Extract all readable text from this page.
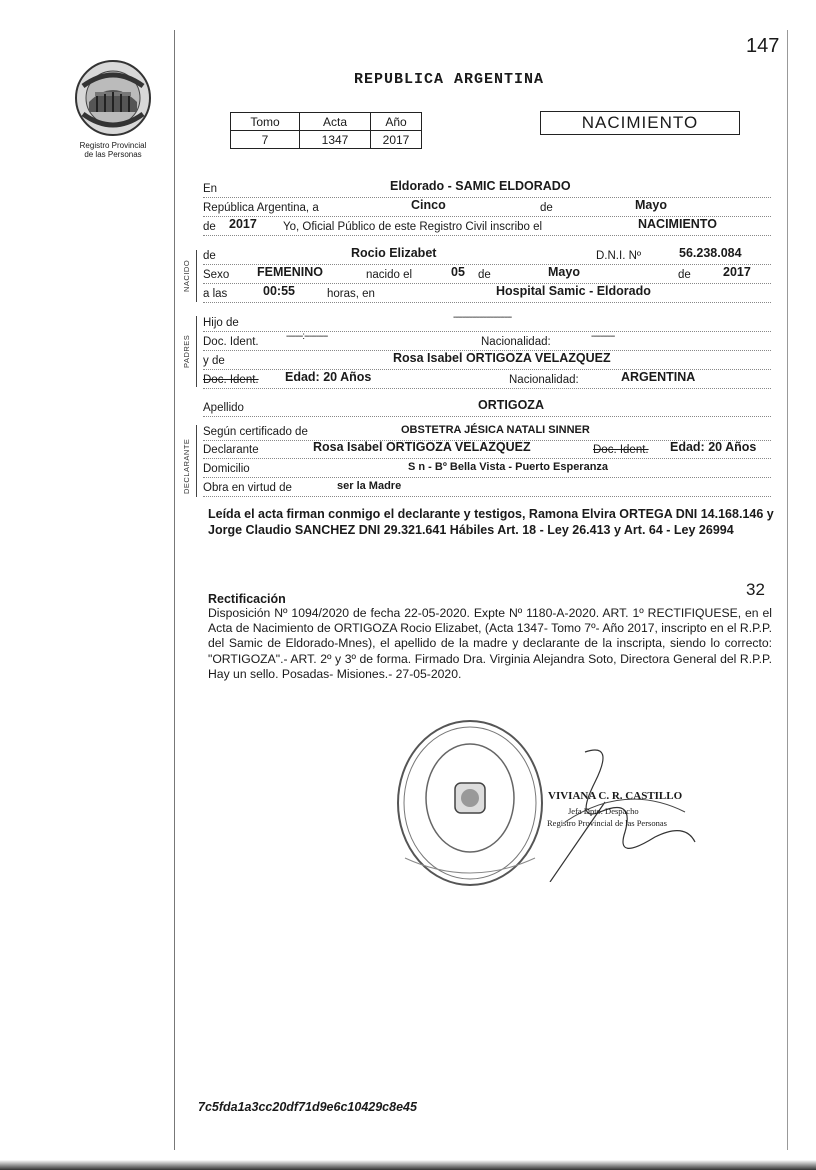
147
Registro Provincial
de las Personas
REPUBLICA ARGENTINA
Tomo	Acta	Año
7	1347	2017
NACIMIENTO
En	Eldorado - SAMIC ELDORADO
República Argentina, a	Cinco	de	Mayo
de 2017 Yo, Oficial Público de este Registro Civil inscribo el	NACIMIENTO
de	Rocio Elizabet	D.N.I. Nº	56.238.084
Sexo FEMENINO	nacido el	05 de	Mayo	de	2017
a las	00:55	horas, en	Hospital Samic - Eldorado
Hijo de	-------------------------
Doc. Ident.	-------:----------	Nacionalidad:	----------
y de	Rosa Isabel ORTIGOZA VELAZQUEZ
Doc. Ident. Edad: 20 Años	Nacionalidad:	ARGENTINA
Apellido	ORTIGOZA
Según certificado de	OBSTETRA JÉSICA NATALI SINNER
Declarante	Rosa Isabel ORTIGOZA VELAZQUEZ	Doc. Ident. Edad: 20 Años
Domicilio	S n - Bº Bella Vista - Puerto Esperanza
Obra en virtud de	ser la Madre
NACIDO
PADRES
DECLARANTE
Leída el acta firman conmigo el declarante y testigos, Ramona Elvira ORTEGA DNI 14.168.146 y Jorge Claudio SANCHEZ DNI 29.321.641 Hábiles Art. 18 - Ley 26.413 y Art. 64 - Ley 26994
32
Rectificación
Disposición Nº 1094/2020 de fecha 22-05-2020. Expte Nº 1180-A-2020. ART. 1º RECTIFIQUESE, en el Acta de Nacimiento de ORTIGOZA Rocio Elizabet, (Acta 1347- Tomo 7º- Año 2017, inscripto en el R.P.P. del Samic de Eldorado-Mnes), el apellido de la madre y declarante de la inscripta, siendo lo correcto: "ORTIGOZA".- ART. 2º y 3º de forma. Firmado Dra. Virginia Alejandra Soto, Directora General del R.P.P. Hay un sello. Posadas- Misiones.- 27-05-2020.
VIVIANA C. R. CASTILLO
Jefa Dpto. Despacho
Registro Provincial de las Personas
7c5fda1a3cc20df71d9e6c10429c8e45
